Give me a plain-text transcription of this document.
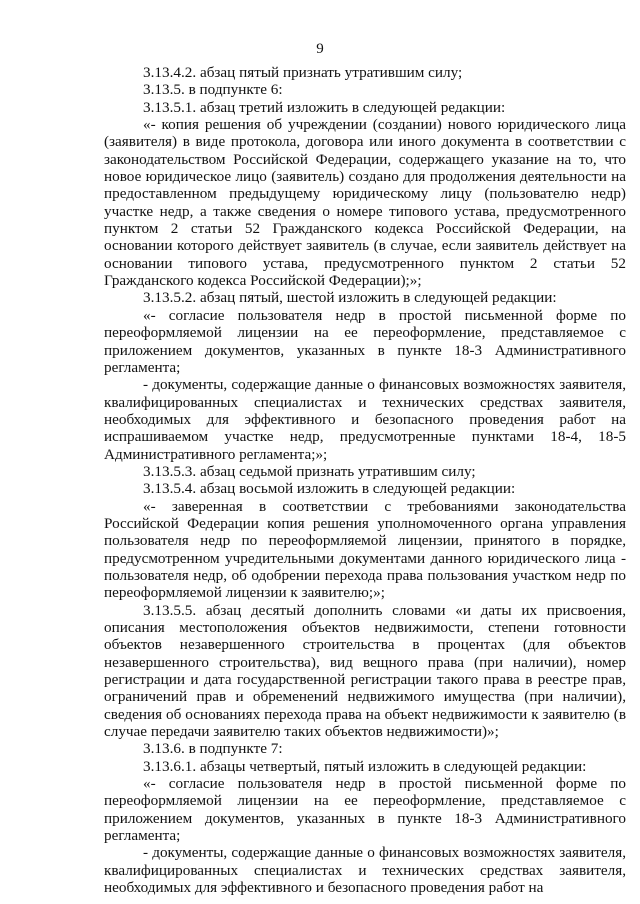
9

3.13.4.2. абзац пятый признать утратившим силу;

3.13.5. в подпункте 6:

3.13.5.1. абзац третий изложить в следующей редакции:

«- копия решения об учреждении (создании) нового юридического лица (заявителя) в виде протокола, договора или иного документа в соответствии с законодательством Российской Федерации, содержащего указание на то, что новое юридическое лицо (заявитель) создано для продолжения деятельности на предоставленном предыдущему юридическому лицу (пользователю недр) участке недр, а также сведения о номере типового устава, предусмотренного пунктом 2 статьи 52 Гражданского кодекса Российской Федерации, на основании которого действует заявитель (в случае, если заявитель действует на основании типового устава, предусмотренного пунктом 2 статьи 52 Гражданского кодекса Российской Федерации);»;

3.13.5.2. абзац пятый, шестой изложить в следующей редакции:

«- согласие пользователя недр в простой письменной форме по переоформляемой лицензии на ее переоформление, представляемое с приложением документов, указанных в пункте 18-3 Административного регламента;

- документы, содержащие данные о финансовых возможностях заявителя, квалифицированных специалистах и технических средствах заявителя, необходимых для эффективного и безопасного проведения работ на испрашиваемом участке недр, предусмотренные пунктами 18-4, 18-5 Административного регламента;»;

3.13.5.3. абзац седьмой признать утратившим силу;

3.13.5.4. абзац восьмой изложить в следующей редакции:

«- заверенная в соответствии с требованиями законодательства Российской Федерации копия решения уполномоченного органа управления пользователя недр по переоформляемой лицензии, принятого в порядке, предусмотренном учредительными документами данного юридического лица - пользователя недр, об одобрении перехода права пользования участком недр по переоформляемой лицензии к заявителю;»;

3.13.5.5. абзац десятый дополнить словами «и даты их присвоения, описания местоположения объектов недвижимости, степени готовности объектов незавершенного строительства в процентах (для объектов незавершенного строительства), вид вещного права (при наличии), номер регистрации и дата государственной регистрации такого права в реестре прав, ограничений прав и обременений недвижимого имущества (при наличии), сведения об основаниях перехода права на объект недвижимости к заявителю (в случае передачи заявителю таких объектов недвижимости)»;

3.13.6. в подпункте 7:

3.13.6.1. абзацы четвертый, пятый изложить в следующей редакции:

«- согласие пользователя недр в простой письменной форме по переоформляемой лицензии на ее переоформление, представляемое с приложением документов, указанных в пункте 18-3 Административного регламента;

- документы, содержащие данные о финансовых возможностях заявителя, квалифицированных специалистах и технических средствах заявителя, необходимых для эффективного и безопасного проведения работ на
